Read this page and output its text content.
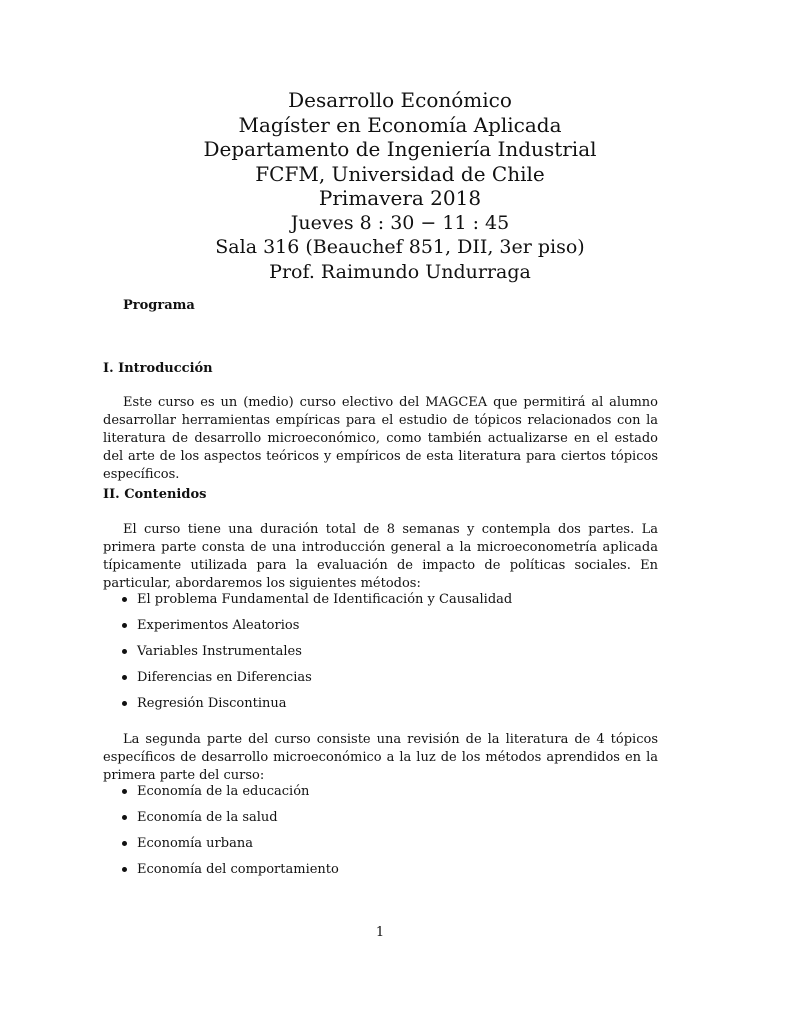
Desarrollo Económico
Magíster en Economía Aplicada
Departamento de Ingeniería Industrial
FCFM, Universidad de Chile
Primavera 2018
Jueves 8 : 30 − 11 : 45
Sala 316 (Beauchef 851, DII, 3er piso)
Prof. Raimundo Undurraga
Programa
I. Introducción

Este curso es un (medio) curso electivo del MAGCEA que permitirá al alumno desarrollar herramientas empíricas para el estudio de tópicos relacionados con la literatura de desarrollo microeconómico, como también actualizarse en el estado del arte de los aspectos teóricos y empíricos de esta literatura para ciertos tópicos específicos.

II. Contenidos

El curso tiene una duración total de 8 semanas y contempla dos partes. La primera parte consta de una introducción general a la microeconometría aplicada típicamente utilizada para la evaluación de impacto de políticas sociales. En particular, abordaremos los siguientes métodos:

El problema Fundamental de Identificación y Causalidad
Experimentos Aleatorios
Variables Instrumentales
Diferencias en Diferencias
Regresión Discontinua

La segunda parte del curso consiste una revisión de la literatura de 4 tópicos específicos de desarrollo microeconómico a la luz de los métodos aprendidos en la primera parte del curso:

Economía de la educación
Economía de la salud
Economía urbana
Economía del comportamiento
1
